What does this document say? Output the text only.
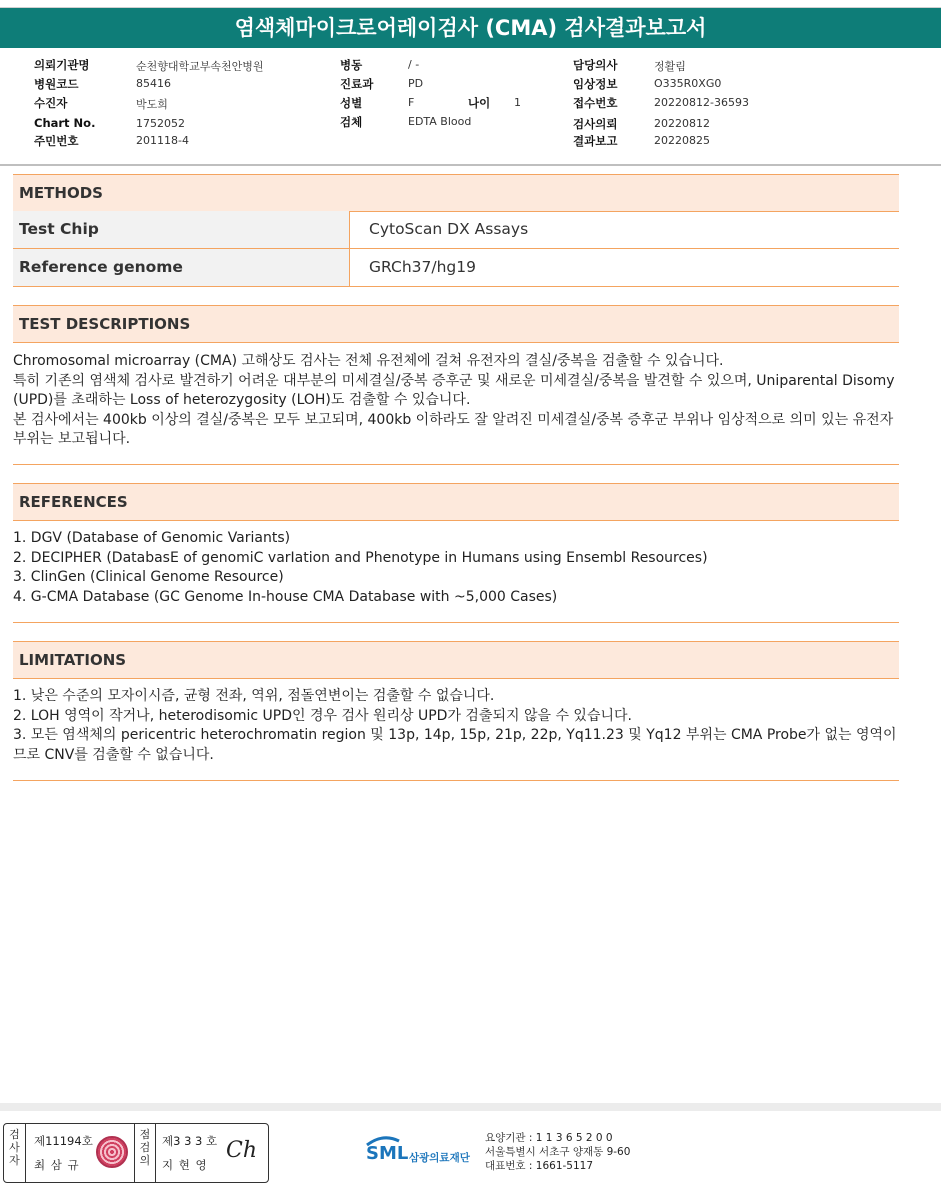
염색체마이크로어레이검사 (CMA) 검사결과보고서
의뢰기관명	순천향대학교부속천안병원
병원코드	85416
수진자	박도희
Chart No.	1752052
주민번호	201118-4
병동	/ -
진료과	PD
성별	F	나이 1
검체	EDTA Blood
담당의사	정활림
임상정보	O335R0XG0
접수번호	20220812-36593
검사의뢰	20220812
결과보고	20220825
METHODS
Test Chip	CytoScan DX Assays
Reference genome	GRCh37/hg19
TEST DESCRIPTIONS

Chromosomal microarray (CMA) 고해상도 검사는 전체 유전체에 걸쳐 유전자의 결실/중복을 검출할 수 있습니다.

특히 기존의 염색체 검사로 발견하기 어려운 대부분의 미세결실/중복 증후군 및 새로운 미세결실/중복을 발견할 수 있으며, Uniparental Disomy (UPD)를 초래하는 Loss of heterozygosity (LOH)도 검출할 수 있습니다.

본 검사에서는 400kb 이상의 결실/중복은 모두 보고되며, 400kb 이하라도 잘 알려진 미세결실/중복 증후군 부위나 임상적으로 의미 있는 유전자 부위는 보고됩니다.

REFERENCES

1. DGV (Database of Genomic Variants)

2. DECIPHER (DatabasE of genomiC varIation and Phenotype in Humans using Ensembl Resources)

3. ClinGen (Clinical Genome Resource)

4. G-CMA Database (GC Genome In-house CMA Database with ~5,000 Cases)

LIMITATIONS

1. 낮은 수준의 모자이시즘, 균형 전좌, 역위, 점돌연변이는 검출할 수 없습니다.

2. LOH 영역이 작거나, heterodisomic UPD인 경우 검사 원리상 UPD가 검출되지 않을 수 있습니다.

3. 모든 염색체의 pericentric heterochromatin region 및 13p, 14p, 15p, 21p, 22p, Yq11.23 및 Yq12 부위는 CMA Probe가 없는 영역이므로 CNV를 검출할 수 없습니다.

검사자
제11194호
최 삼 규
점검의
제3 3 3 호
지 현 영
Ch	SML 삼광의료재단
요양기관 : 1 1 3 6 5 2 0 0
서울특별시 서초구 양재동 9-60
대표번호 : 1661-5117
